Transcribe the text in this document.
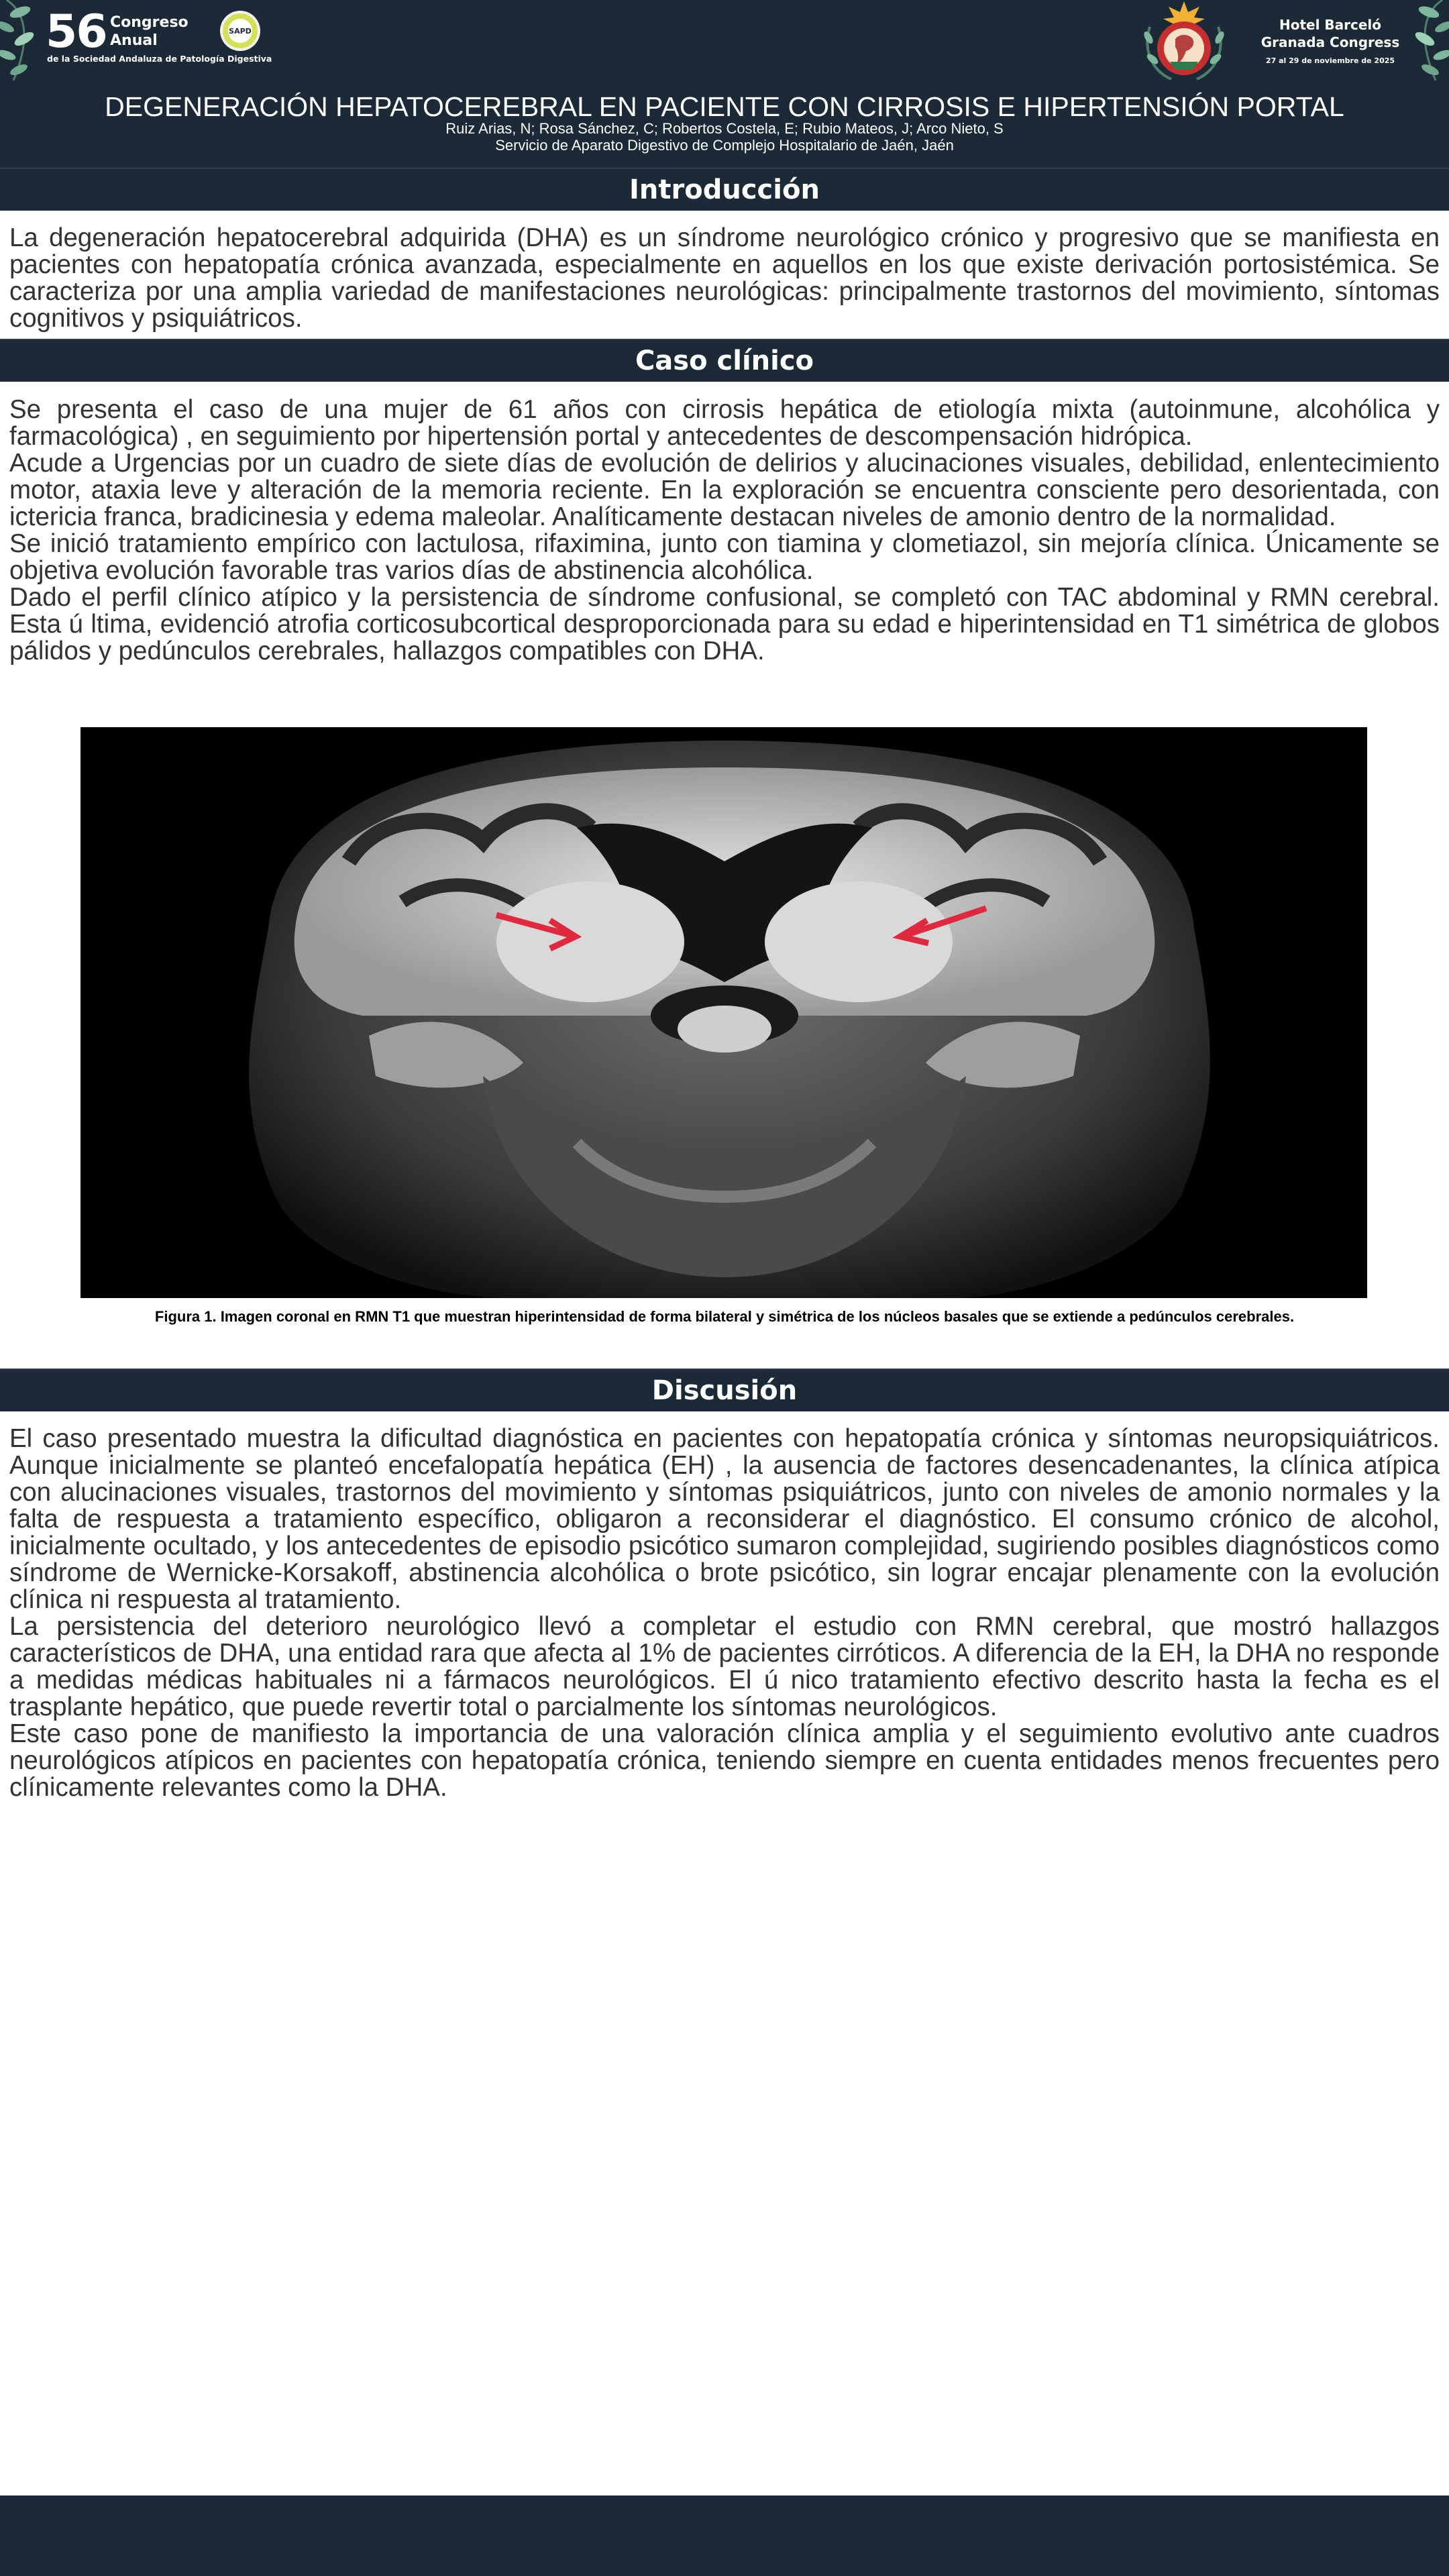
56 Congreso
Anual
de la Sociedad Andaluza de Patología Digestiva
SAPD	Hotel Barceló
Granada Congress
27 al 29 de noviembre de 2025
DEGENERACIÓN HEPATOCEREBRAL EN PACIENTE CON CIRROSIS E HIPERTENSIÓN PORTAL
Ruiz Arias, N; Rosa Sánchez, C; Robertos Costela, E; Rubio Mateos, J; Arco Nieto, S
Servicio de Aparato Digestivo de Complejo Hospitalario de Jaén, Jaén
Introducción

La degeneración hepatocerebral adquirida (DHA) es un síndrome neurológico crónico y progresivo que se manifiesta en pacientes con hepatopatía crónica avanzada, especialmente en aquellos en los que existe derivación portosistémica. Se caracteriza por una amplia variedad de manifestaciones neurológicas: principalmente trastornos del movimiento, síntomas cognitivos y psiquiátricos.

Caso clínico

Se presenta el caso de una mujer de 61 años con cirrosis hepática de etiología mixta (autoinmune, alcohólica y farmacológica) , en seguimiento por hipertensión portal y antecedentes de descompensación hidrópica.

Acude a Urgencias por un cuadro de siete días de evolución de delirios y alucinaciones visuales, debilidad, enlentecimiento motor, ataxia leve y alteración de la memoria reciente. En la exploración se encuentra consciente pero desorientada, con ictericia franca, bradicinesia y edema maleolar. Analíticamente destacan niveles de amonio dentro de la normalidad.

Se inició tratamiento empírico con lactulosa, rifaximina, junto con tiamina y clometiazol, sin mejoría clínica. Únicamente se objetiva evolución favorable tras varios días de abstinencia alcohólica.

Dado el perfil clínico atípico y la persistencia de síndrome confusional, se completó con TAC abdominal y RMN cerebral. Esta ú ltima, evidenció atrofia corticosubcortical desproporcionada para su edad e hiperintensidad en T1 simétrica de globos pálidos y pedúnculos cerebrales, hallazgos compatibles con DHA.

Figura 1. Imagen coronal en RMN T1 que muestran hiperintensidad de forma bilateral y simétrica de los núcleos basales que se extiende a pedúnculos cerebrales.
Discusión

El caso presentado muestra la dificultad diagnóstica en pacientes con hepatopatía crónica y síntomas neuropsiquiátricos. Aunque inicialmente se planteó encefalopatía hepática (EH) , la ausencia de factores desencadenantes, la clínica atípica con alucinaciones visuales, trastornos del movimiento y síntomas psiquiátricos, junto con niveles de amonio normales y la falta de respuesta a tratamiento específico, obligaron a reconsiderar el diagnóstico. El consumo crónico de alcohol, inicialmente ocultado, y los antecedentes de episodio psicótico sumaron complejidad, sugiriendo posibles diagnósticos como síndrome de Wernicke-Korsakoff, abstinencia alcohólica o brote psicótico, sin lograr encajar plenamente con la evolución clínica ni respuesta al tratamiento.

La persistencia del deterioro neurológico llevó a completar el estudio con RMN cerebral, que mostró hallazgos característicos de DHA, una entidad rara que afecta al 1% de pacientes cirróticos. A diferencia de la EH, la DHA no responde a medidas médicas habituales ni a fármacos neurológicos. El ú nico tratamiento efectivo descrito hasta la fecha es el trasplante hepático, que puede revertir total o parcialmente los síntomas neurológicos.

Este caso pone de manifiesto la importancia de una valoración clínica amplia y el seguimiento evolutivo ante cuadros neurológicos atípicos en pacientes con hepatopatía crónica, teniendo siempre en cuenta entidades menos frecuentes pero clínicamente relevantes como la DHA.
